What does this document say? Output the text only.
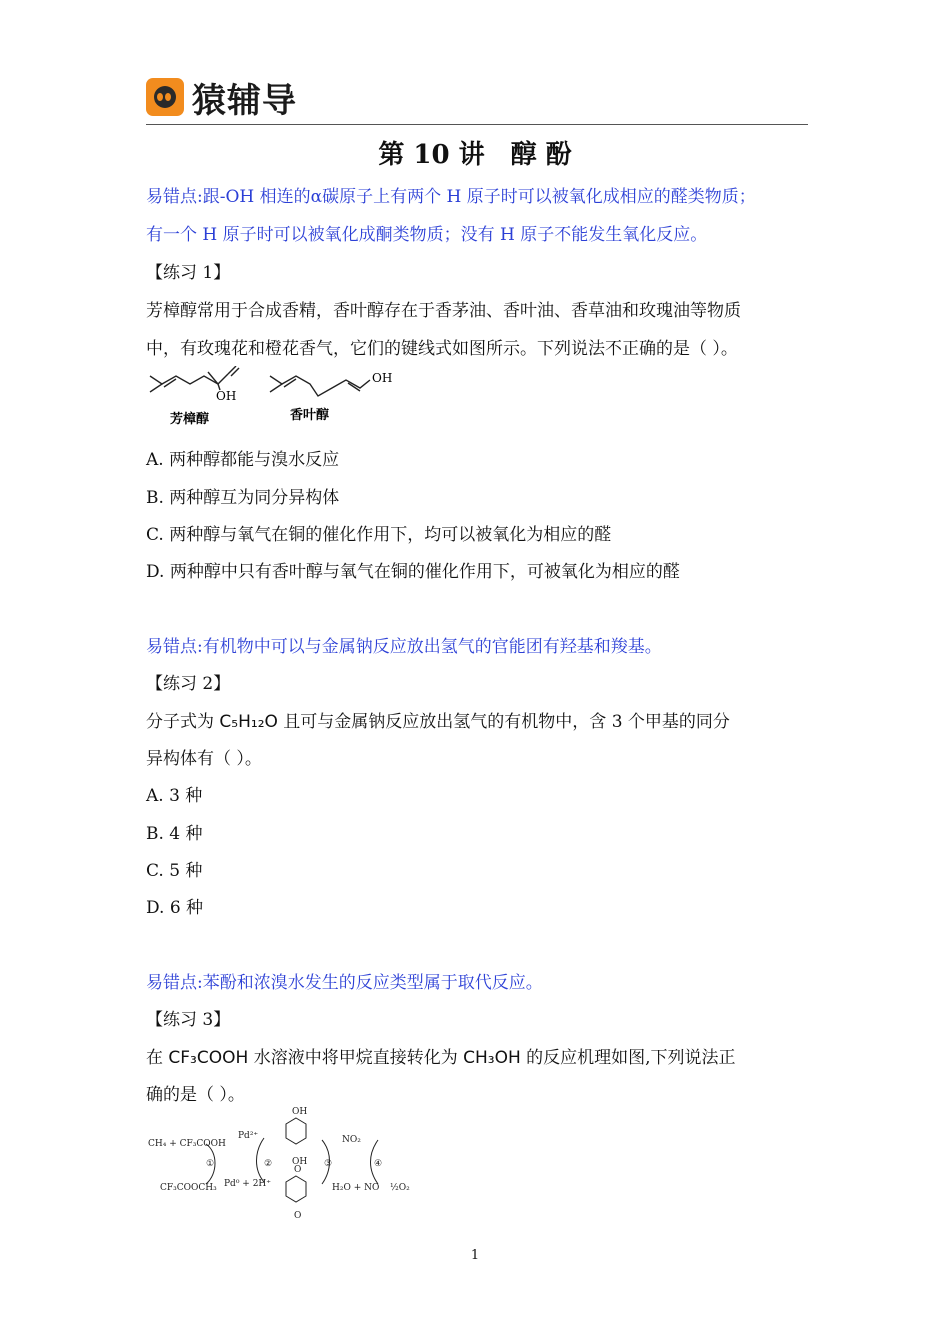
猿辅导
第 10 讲　醇 酚
易错点:跟-OH 相连的α碳原子上有两个 H 原子时可以被氧化成相应的醛类物质；
有一个 H 原子时可以被氧化成酮类物质；没有 H 原子不能发生氧化反应。
【练习 1】
芳樟醇常用于合成香精，香叶醇存在于香茅油、香叶油、香草油和玫瑰油等物质
中，有玫瑰花和橙花香气，它们的键线式如图所示。下列说法不正确的是（ ）。
OH
芳樟醇
OH
香叶醇
A. 两种醇都能与溴水反应
B. 两种醇互为同分异构体
C. 两种醇与氧气在铜的催化作用下，均可以被氧化为相应的醛
D. 两种醇中只有香叶醇与氧气在铜的催化作用下，可被氧化为相应的醛
易错点:有机物中可以与金属钠反应放出氢气的官能团有羟基和羧基。
【练习 2】
分子式为 C₅H₁₂O 且可与金属钠反应放出氢气的有机物中，含 3 个甲基的同分
异构体有（ ）。
A. 3 种
B. 4 种
C. 5 种
D. 6 种
易错点:苯酚和浓溴水发生的反应类型属于取代反应。
【练习 3】
在 CF₃COOH 水溶液中将甲烷直接转化为 CH₃OH 的反应机理如图,下列说法正
确的是（ ）。
CH₄ + CF₃COOH
CF₃COOCH₃
Pd²⁺
Pd⁰ + 2H⁺
OH
OH
O
O
NO₂
H₂O + NO ½O₂
①	②	③	④
1
